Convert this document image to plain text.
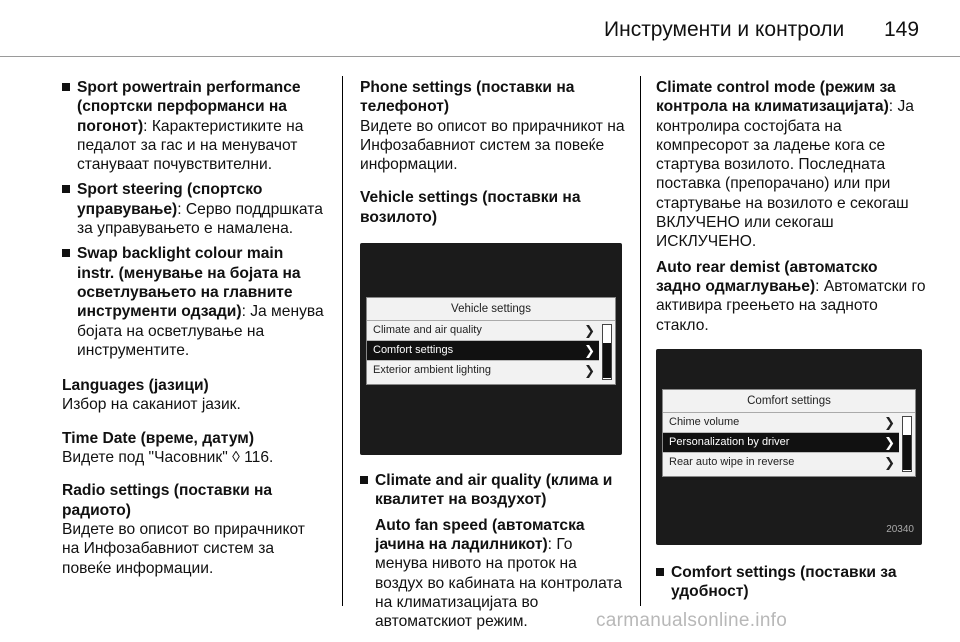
Инструменти и контроли 149
Sport powertrain performance (спортски перформанси на погонот): Карактеристиките на педалот за гас и на менувачот стануваат почувствителни.
Sport steering (спортско управување): Серво поддршката за управувањето е намалена.
Swap backlight colour main instr. (менување на бојата на осветлувањето на главните инструменти одзади): Ја менува бојата на осветлување на инструментите.
Languages (јазици)
Избор на саканиот јазик.
Time Date (време, датум)
Видете под "Часовник" ◊ 116.
Radio settings (поставки на радиото)
Видете во описот во прирачникот на Инфозабавниот систем за повеќе информации.
Phone settings (поставки на телефонот)
Видете во описот во прирачникот на Инфозабавниот систем за повеќе информации.
Vehicle settings (поставки на возилото)
Vehicle settings
Climate and air quality	❯
Comfort settings	❯
Exterior ambient lighting	❯
Climate and air quality (клима и квалитет на воздухот)
Auto fan speed (автоматска јачина на ладилникот): Го менува нивото на проток на воздух во кабината на контролата на климатизацијата во автоматскиот режим.
Climate control mode (режим за контрола на климатизацијата): Ја контролира состојбата на компресорот за ладење кога се стартува возилото. Последната поставка (препорачано) или при стартување на возилото е секогаш ВКЛУЧЕНО или секогаш ИСКЛУЧЕНО.
Auto rear demist (автоматско задно одмаглување): Автоматски го активира греењето на задното стакло.
Comfort settings
Chime volume	❯
Personalization by driver	❯
Rear auto wipe in reverse	❯
20340
Comfort settings (поставки за удобност)
carmanualsonline.info
